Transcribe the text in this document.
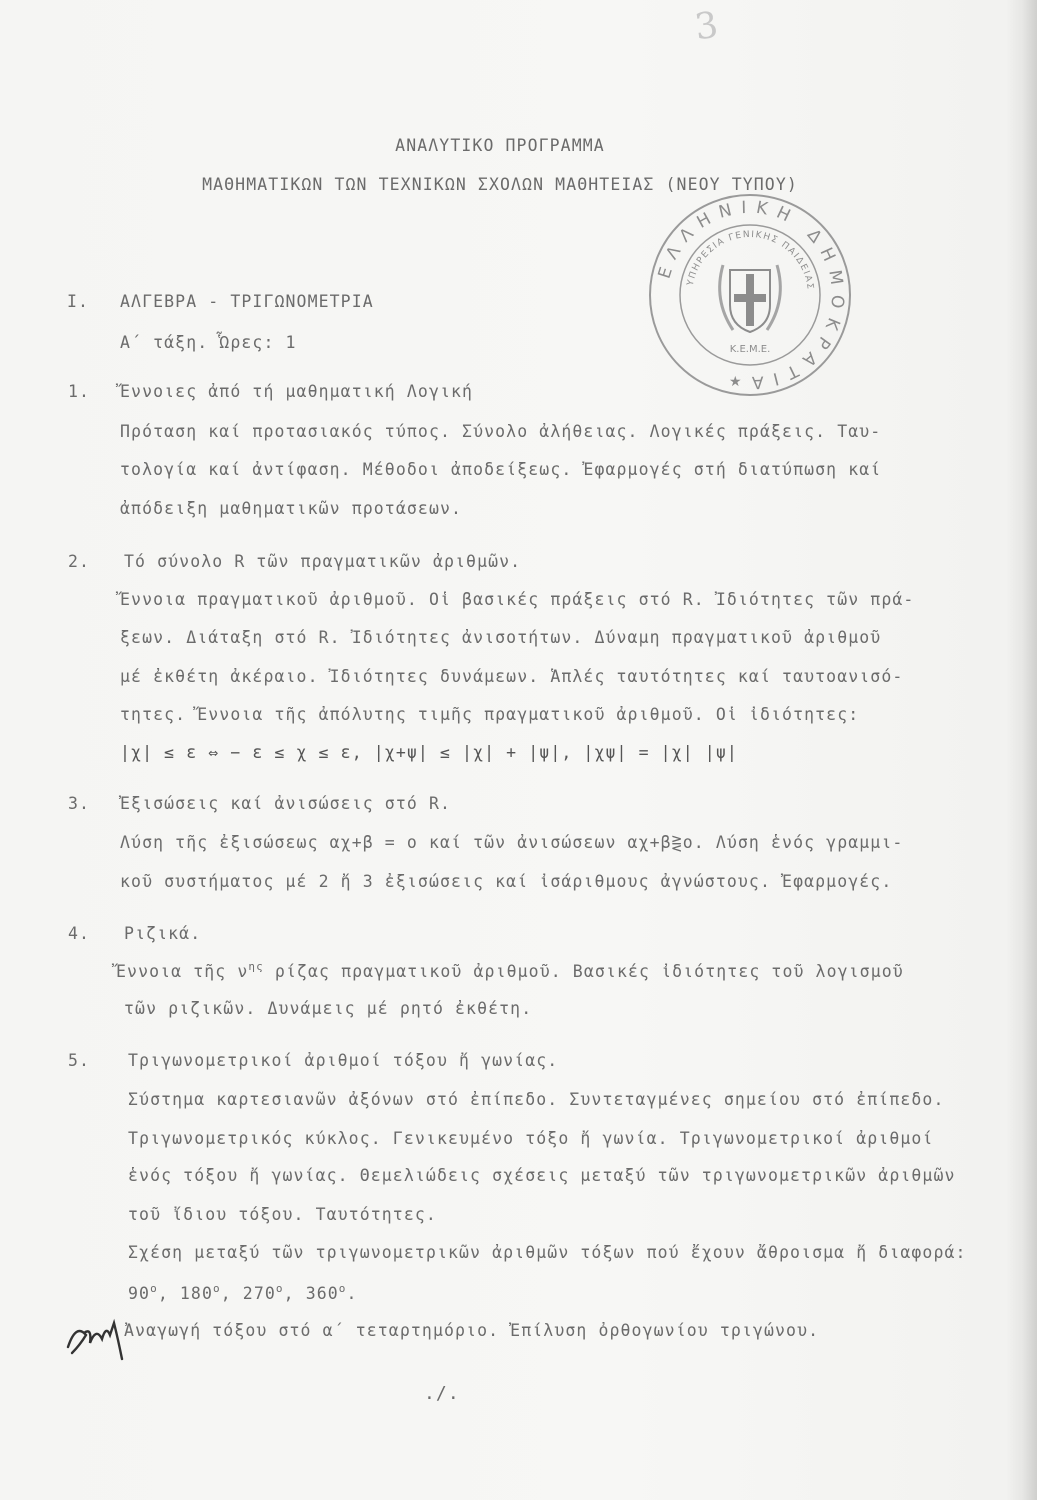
3
ΑΝΑΛΥΤΙΚΟ ΠΡΟΓΡΑΜΜΑ
ΜΑΘΗΜΑΤΙΚΩΝ ΤΩΝ ΤΕΧΝΙΚΩΝ ΣΧΟΛΩΝ ΜΑΘΗΤΕΙΑΣ (ΝΕΟΥ ΤΥΠΟΥ)
ΕΛΛΗΝΙΚΗ ΔΗΜΟΚΡΑΤΙΑ
ΥΠΗΡΕΣΙΑ ΓΕΝΙΚΗΣ ΠΑΙΔΕΙΑΣ
Κ.Ε.Μ.Ε.
★
I. ΑΛΓΕΒΡΑ - ΤΡΙΓΩΝΟΜΕΤΡΙΑ
Α΄ τάξη. Ὧρες: 1
1. Ἔννοιες ἀπό τή μαθηματική Λογική
Πρόταση καί προτασιακός τύπος. Σύνολο ἀλήθειας. Λογικές πράξεις. Ταυ-
τολογία καί ἀντίφαση. Μέθοδοι ἀποδείξεως. Ἐφαρμογές στή διατύπωση καί
ἀπόδειξη μαθηματικῶν προτάσεων.
2. Τό σύνολο R τῶν πραγματικῶν ἀριθμῶν.
Ἔννοια πραγματικοῦ ἀριθμοῦ. Οἱ βασικές πράξεις στό R. Ἰδιότητες τῶν πρά-
ξεων. Διάταξη στό R. Ἰδιότητες ἀνισοτήτων. Δύναμη πραγματικοῦ ἀριθμοῦ
μέ ἐκθέτη ἀκέραιο. Ἰδιότητες δυνάμεων. Ἁπλές ταυτότητες καί ταυτοανισό-
τητες. Ἔννοια τῆς ἀπόλυτης τιμῆς πραγματικοῦ ἀριθμοῦ. Οἱ ἰδιότητες:
|χ| ≤ ε ⇔ − ε ≤ χ ≤ ε, |χ+ψ| ≤ |χ| + |ψ|, |χψ| = |χ| |ψ|
3. Ἐξισώσεις καί ἀνισώσεις στό R.
Λύση τῆς ἐξισώσεως αχ+β = ο καί τῶν ἀνισώσεων αχ+β⋛ο. Λύση ἑνός γραμμι-
κοῦ συστήματος μέ 2 ἤ 3 ἐξισώσεις καί ἰσάριθμους ἀγνώστους. Ἐφαρμογές.
4. Ριζικά.
Ἔννοια τῆς $\nu^{\eta\varsigma}$ ρίζας πραγματικοῦ ἀριθμοῦ. Βασικές ἰδιότητες τοῦ λογισμοῦ
τῶν ριζικῶν. Δυνάμεις μέ ρητό ἐκθέτη.
5. Τριγωνομετρικοί ἀριθμοί τόξου ἤ γωνίας.
Σύστημα καρτεσιανῶν ἀξόνων στό ἐπίπεδο. Συντεταγμένες σημείου στό ἐπίπεδο.
Τριγωνομετρικός κύκλος. Γενικευμένο τόξο ἤ γωνία. Τριγωνομετρικοί ἀριθμοί
ἑνός τόξου ἤ γωνίας. Θεμελιώδεις σχέσεις μεταξύ τῶν τριγωνομετρικῶν ἀριθμῶν
τοῦ ἴδιου τόξου. Ταυτότητες.
Σχέση μεταξύ τῶν τριγωνομετρικῶν ἀριθμῶν τόξων πού ἔχουν ἄθροισμα ἤ διαφορά:
90$^o$, 180$^o$, 270$^o$, 360$^o$.
Ἀναγωγή τόξου στό α΄ τεταρτημόριο. Ἐπίλυση ὀρθογωνίου τριγώνου.
./.
